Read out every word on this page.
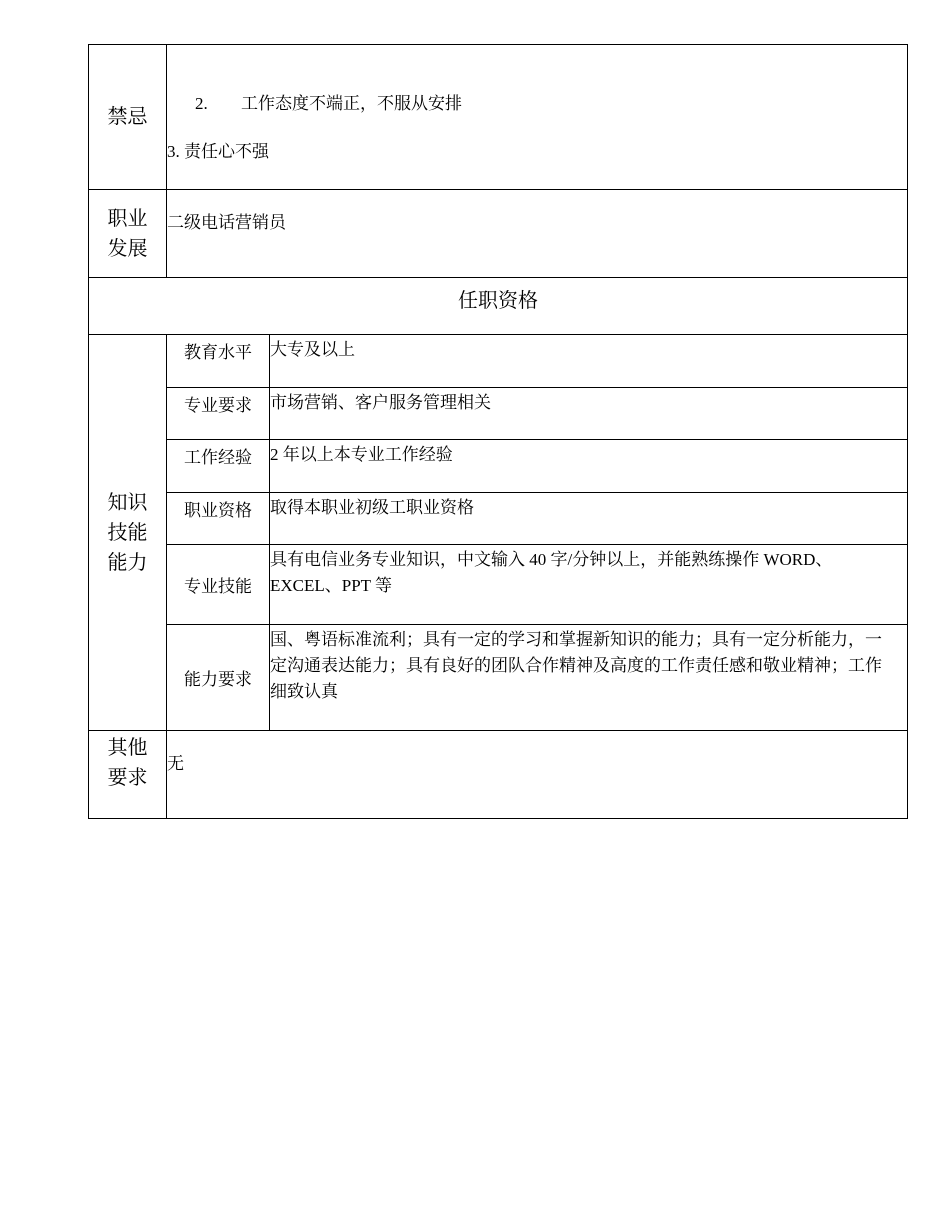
禁忌	2. 工作态度不端正，不服从安排
3. 责任心不强	

职业
发展	二级电话营销员	
任职资格		

知识
技能
能力	教育水平	大专及以上
	专业要求	市场营销、客户服务管理相关
	工作经验	2 年以上本专业工作经验
	职业资格	取得本职业初级工职业资格
	专业技能	具有电信业务专业知识，中文输入 40 字/分钟以上，并能熟练操作 WORD、EXCEL、PPT 等
	能力要求	国、粤语标准流利；具有一定的学习和掌握新知识的能力；具有一定分析能力，一定沟通表达能力；具有良好的团队合作精神及高度的工作责任感和敬业精神；工作细致认真

其他
要求	无	
